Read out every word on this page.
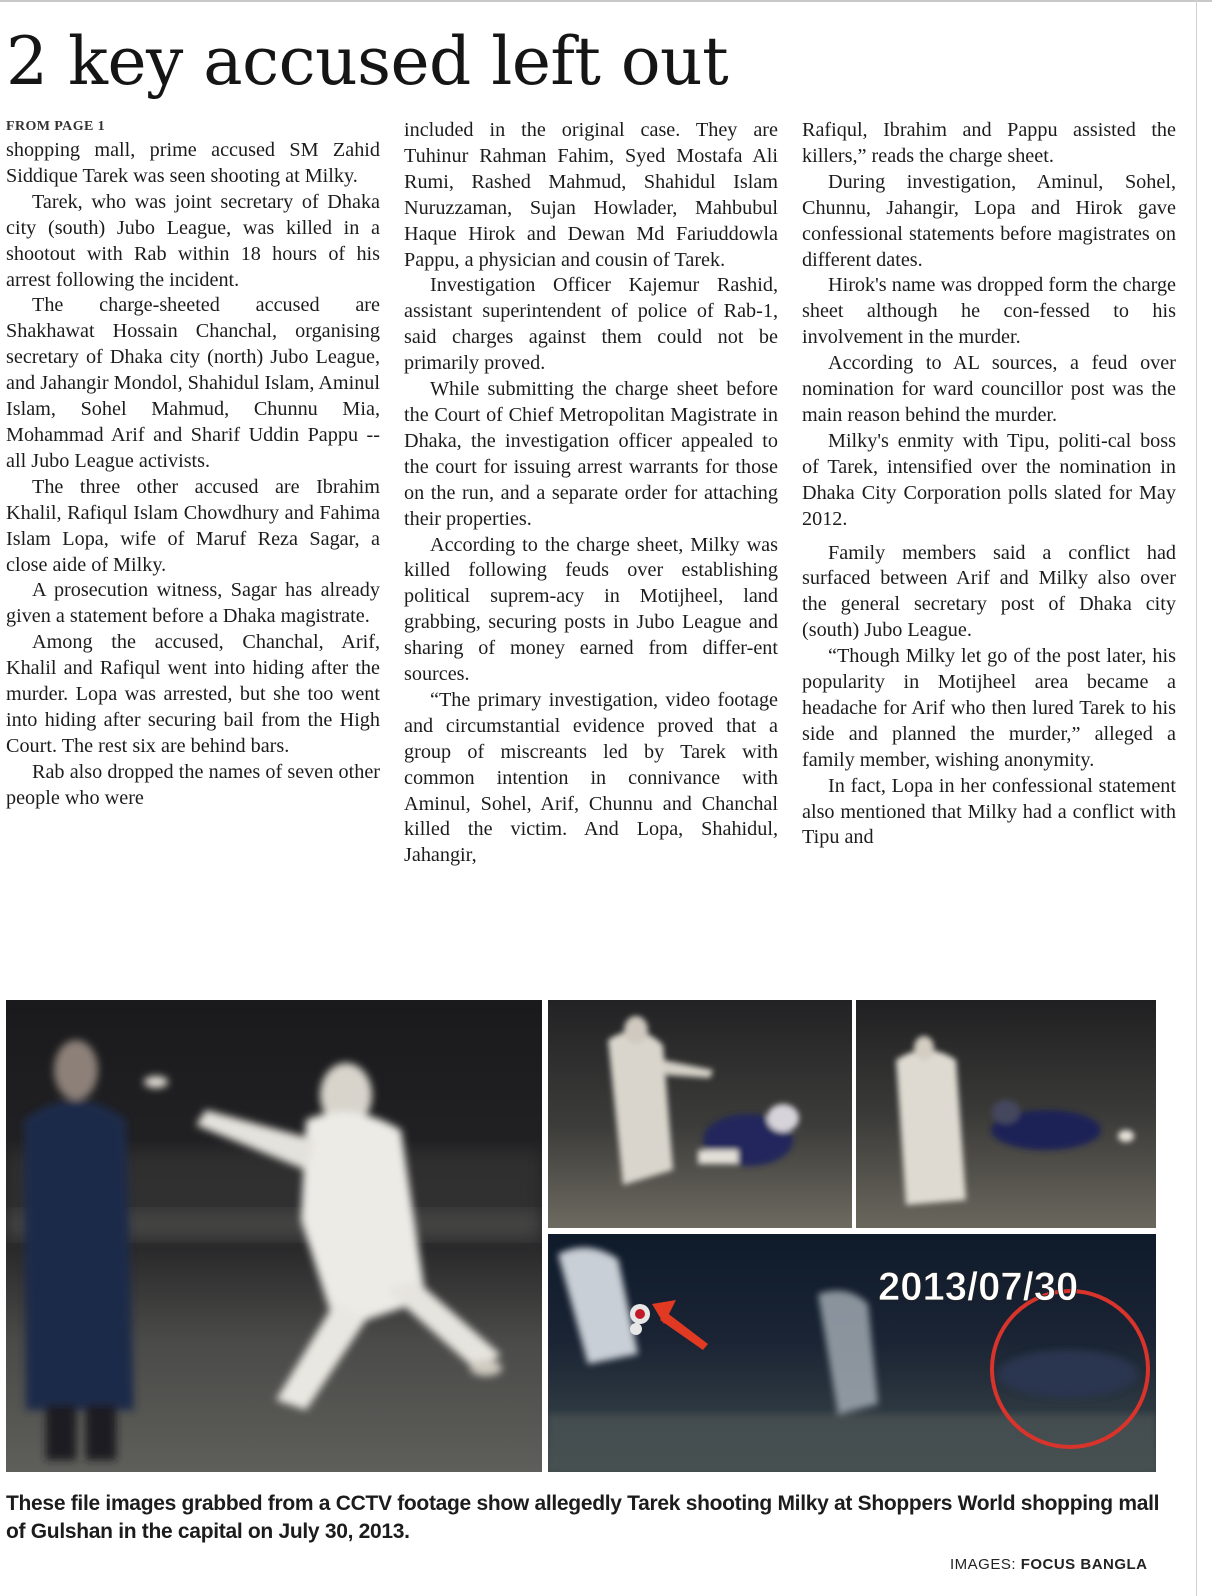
2 key accused left out
FROM PAGE 1

shopping mall, prime accused SM Zahid Siddique Tarek was seen shooting at Milky.

Tarek, who was joint secretary of Dhaka city (south) Jubo League, was killed in a shootout with Rab within 18 hours of his arrest following the incident.

The charge-sheeted accused are Shakhawat Hossain Chanchal, organising secretary of Dhaka city (north) Jubo League, and Jahangir Mondol, Shahidul Islam, Aminul Islam, Sohel Mahmud, Chunnu Mia, Mohammad Arif and Sharif Uddin Pappu -- all Jubo League activists.

The three other accused are Ibrahim Khalil, Rafiqul Islam Chowdhury and Fahima Islam Lopa, wife of Maruf Reza Sagar, a close aide of Milky.

A prosecution witness, Sagar has already given a statement before a Dhaka magistrate.

Among the accused, Chanchal, Arif, Khalil and Rafiqul went into hiding after the murder. Lopa was arrested, but she too went into hiding after securing bail from the High Court. The rest six are behind bars.

Rab also dropped the names of seven other people who were

included in the original case. They are Tuhinur Rahman Fahim, Syed Mostafa Ali Rumi, Rashed Mahmud, Shahidul Islam Nuruzzaman, Sujan Howlader, Mahbubul Haque Hirok and Dewan Md Fariuddowla Pappu, a physician and cousin of Tarek.

Investigation Officer Kajemur Rashid, assistant superintendent of police of Rab-1, said charges against them could not be primarily proved.

While submitting the charge sheet before the Court of Chief Metropolitan Magistrate in Dhaka, the investigation officer appealed to the court for issuing arrest warrants for those on the run, and a separate order for attaching their properties.

According to the charge sheet, Milky was killed following feuds over establishing political suprem-acy in Motijheel, land grabbing, securing posts in Jubo League and sharing of money earned from differ-ent sources.

“The primary investigation, video footage and circumstantial evidence proved that a group of miscreants led by Tarek with common intention in connivance with Aminul, Sohel, Arif, Chunnu and Chanchal killed the victim. And Lopa, Shahidul, Jahangir,

Rafiqul, Ibrahim and Pappu assisted the killers,” reads the charge sheet.

During investigation, Aminul, Sohel, Chunnu, Jahangir, Lopa and Hirok gave confessional statements before magistrates on different dates.

Hirok's name was dropped form the charge sheet although he con-fessed to his involvement in the murder.

According to AL sources, a feud over nomination for ward councillor post was the main reason behind the murder.

Milky's enmity with Tipu, politi-cal boss of Tarek, intensified over the nomination in Dhaka City Corporation polls slated for May 2012.

Family members said a conflict had surfaced between Arif and Milky also over the general secretary post of Dhaka city (south) Jubo League.

“Though Milky let go of the post later, his popularity in Motijheel area became a headache for Arif who then lured Tarek to his side and planned the murder,” alleged a family member, wishing anonymity.

In fact, Lopa in her confessional statement also mentioned that Milky had a conflict with Tipu and

2013/07/30
These file images grabbed from a CCTV footage show allegedly Tarek shooting Milky at Shoppers World shopping mall of Gulshan in the capital on July 30, 2013.
IMAGES: FOCUS BANGLA
